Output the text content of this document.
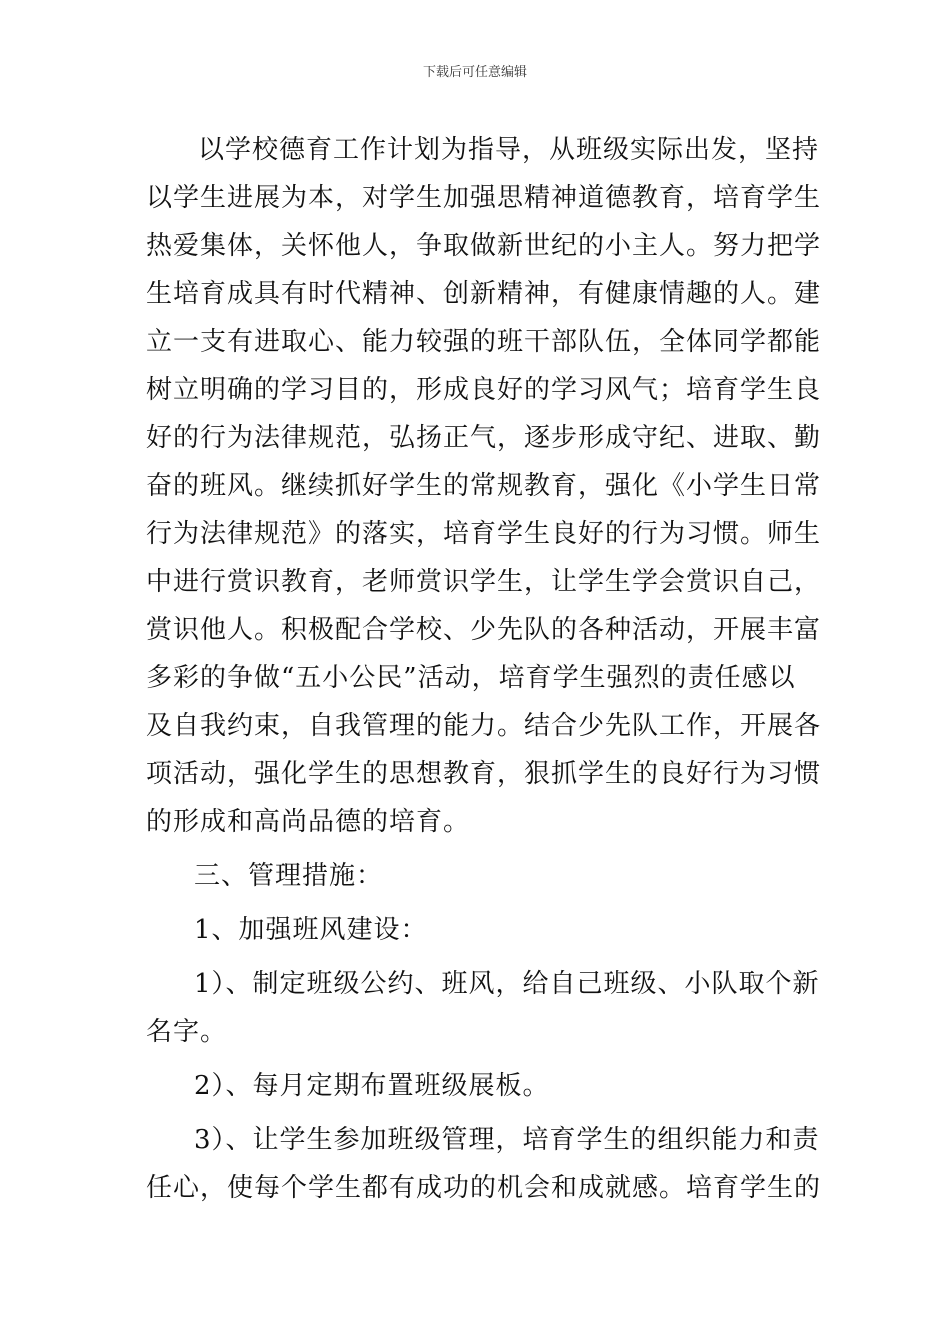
下载后可任意编辑

以学校德育工作计划为指导，从班级实际出发，坚持
以学生进展为本，对学生加强思精神道德教育，培育学生
热爱集体，关怀他人，争取做新世纪的小主人。努力把学
生培育成具有时代精神、创新精神，有健康情趣的人。建
立一支有进取心、能力较强的班干部队伍，全体同学都能
树立明确的学习目的，形成良好的学习风气；培育学生良
好的行为法律规范，弘扬正气，逐步形成守纪、进取、勤
奋的班风。继续抓好学生的常规教育，强化《小学生日常
行为法律规范》的落实，培育学生良好的行为习惯。师生
中进行赏识教育，老师赏识学生，让学生学会赏识自己，
赏识他人。积极配合学校、少先队的各种活动，开展丰富
多彩的争做“五小公民”活动，培育学生强烈的责任感以
及自我约束，自我管理的能力。结合少先队工作，开展各
项活动，强化学生的思想教育，狠抓学生的良好行为习惯
的形成和高尚品德的培育。

三、管理措施：

1、加强班风建设：

1）、制定班级公约、班风，给自己班级、小队取个新
名字。

2）、每月定期布置班级展板。

3）、让学生参加班级管理，培育学生的组织能力和责
任心，使每个学生都有成功的机会和成就感。培育学生的
